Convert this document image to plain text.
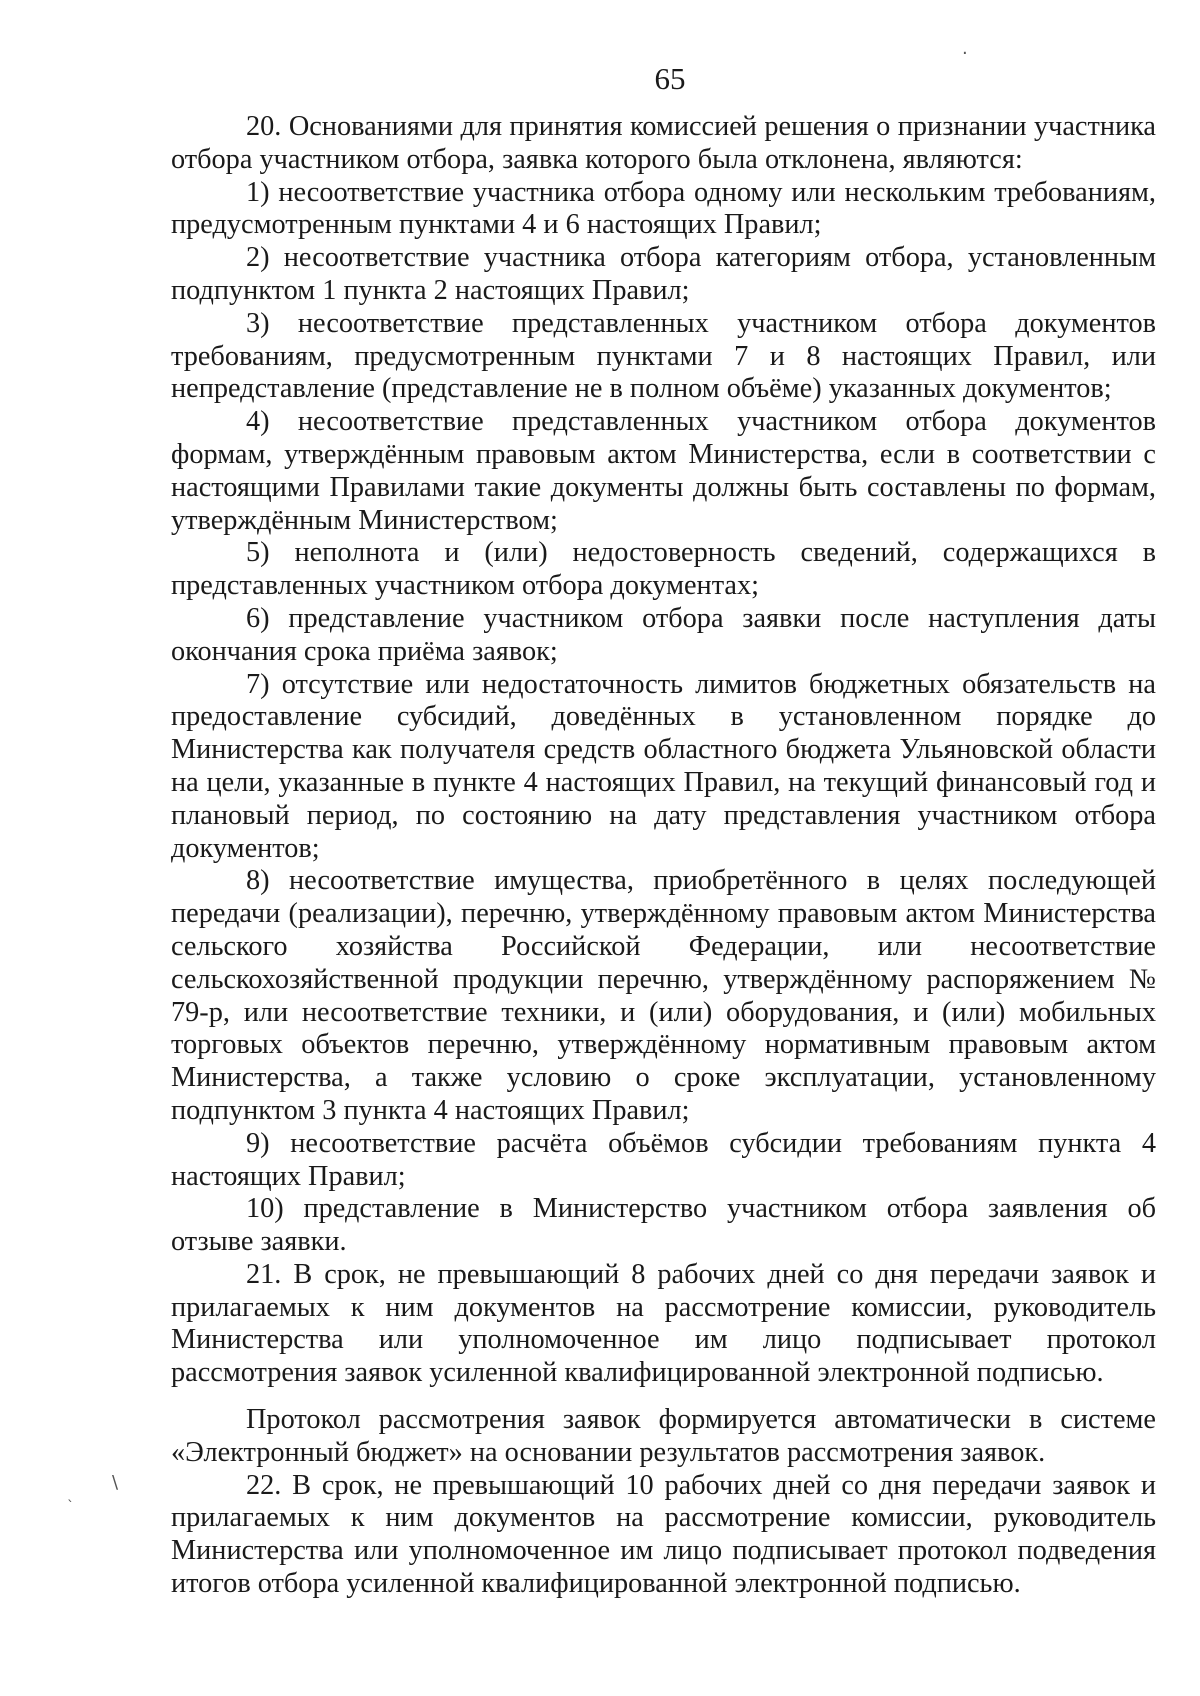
65

20. Основаниями для принятия комиссией решения о признании участника отбора участником отбора, заявка которого была отклонена, являются:

1) несоответствие участника отбора одному или нескольким требованиям, предусмотренным пунктами 4 и 6 настоящих Правил;

2) несоответствие участника отбора категориям отбора, установленным подпунктом 1 пункта 2 настоящих Правил;

3) несоответствие представленных участником отбора документов требованиям, предусмотренным пунктами 7 и 8 настоящих Правил, или непредставление (представление не в полном объёме) указанных документов;

4) несоответствие представленных участником отбора документов формам, утверждённым правовым актом Министерства, если в соответствии с настоящими Правилами такие документы должны быть составлены по формам, утверждённым Министерством;

5) неполнота и (или) недостоверность сведений, содержащихся в представленных участником отбора документах;

6) представление участником отбора заявки после наступления даты окончания срока приёма заявок;

7) отсутствие или недостаточность лимитов бюджетных обязательств на предоставление субсидий, доведённых в установленном порядке до Министерства как получателя средств областного бюджета Ульяновской области на цели, указанные в пункте 4 настоящих Правил, на текущий финансовый год и плановый период, по состоянию на дату представления участником отбора документов;

8) несоответствие имущества, приобретённого в целях последующей передачи (реализации), перечню, утверждённому правовым актом Министерства сельского хозяйства Российской Федерации, или несоответствие сельскохозяйственной продукции перечню, утверждённому распоряжением № 79-р, или несоответствие техники, и (или) оборудования, и (или) мобильных торговых объектов перечню, утверждённому нормативным правовым актом Министерства, а также условию о сроке эксплуатации, установленному подпунктом 3 пункта 4 настоящих Правил;

9) несоответствие расчёта объёмов субсидии требованиям пункта 4 настоящих Правил;

10) представление в Министерство участником отбора заявления об отзыве заявки.

21. В срок, не превышающий 8 рабочих дней со дня передачи заявок и прилагаемых к ним документов на рассмотрение комиссии, руководитель Министерства или уполномоченное им лицо подписывает протокол рассмотрения заявок усиленной квалифицированной электронной подписью.

Протокол рассмотрения заявок формируется автоматически в системе «Электронный бюджет» на основании результатов рассмотрения заявок.

22. В срок, не превышающий 10 рабочих дней со дня передачи заявок и прилагаемых к ним документов на рассмотрение комиссии, руководитель Министерства или уполномоченное им лицо подписывает протокол подведения итогов отбора усиленной квалифицированной электронной подписью.

.
\
`
